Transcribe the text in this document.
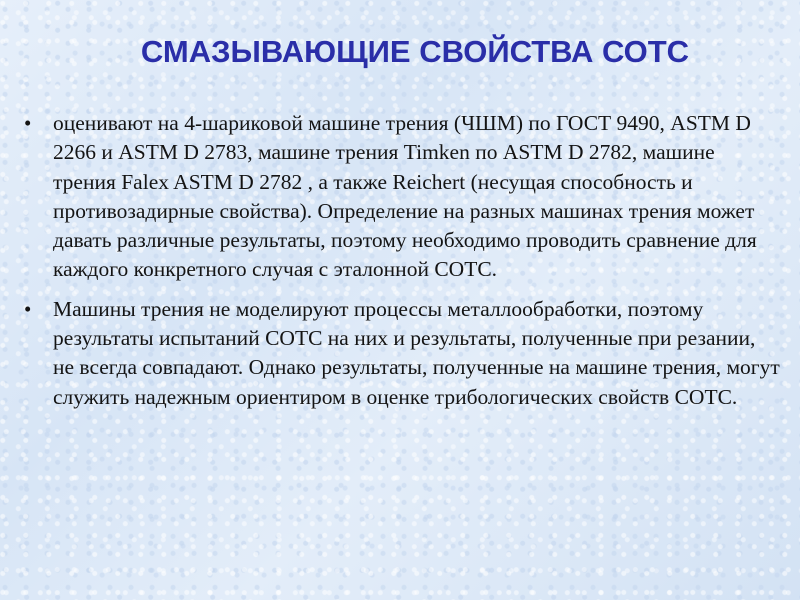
СМАЗЫВАЮЩИЕ СВОЙСТВА СОТС
• оценивают на 4-шариковой машине трения (ЧШМ) по ГОСТ 9490, ASTM D 2266 и ASTM D 2783, машине трения Timken по ASTM D 2782, машине трения Falex ASTM D 2782 , а также Reichert (несущая способность и противозадирные свойства). Определение на разных машинах трения может давать различные результаты, поэтому необходимо проводить сравнение для каждого конкретного случая с эталонной СОТС.
• Машины трения не моделируют процессы металлообработки, поэтому результаты испытаний СОТС на них и результаты, полученные при резании, не всегда совпадают. Однако результаты, полученные на машине трения, могут служить надежным ориентиром в оценке трибологических свойств СОТС.
